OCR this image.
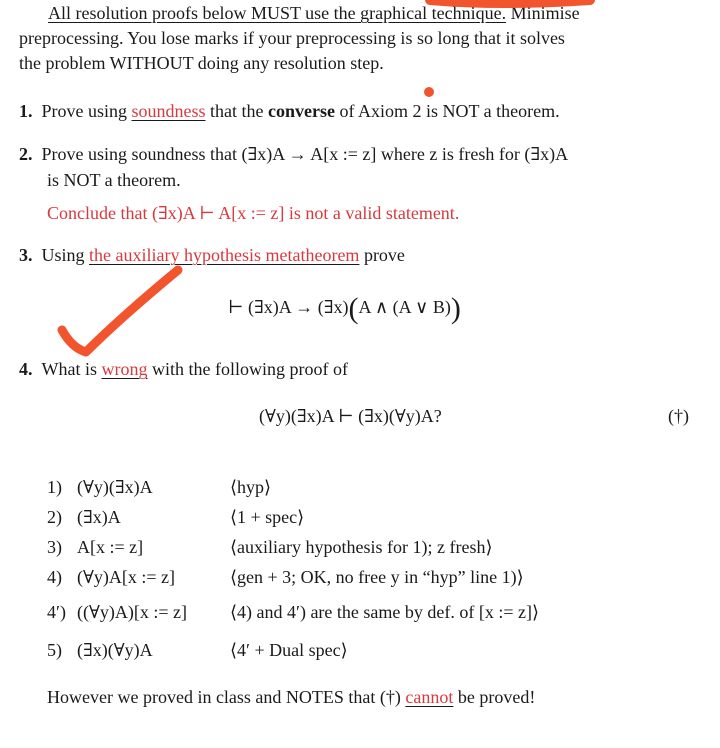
All resolution proofs below MUST use the graphical technique. Minimise
preprocessing. You lose marks if your preprocessing is so long that it solves
the problem WITHOUT doing any resolution step.
1. Prove using soundness that the converse of Axiom 2 is NOT a theorem.
2. Prove using soundness that (∃x)A → A[x := z] where z is fresh for (∃x)A
is NOT a theorem.
Conclude that (∃x)A ⊢ A[x := z] is not a valid statement.
3. Using the auxiliary hypothesis metatheorem prove
⊢ (∃x)A → (∃x)(A ∧ (A ∨ B))
4. What is wrong with the following proof of
(∀y)(∃x)A ⊢ (∃x)(∀y)A?	(†)
1) (∀y)(∃x)A	⟨hyp⟩
2) (∃x)A	⟨1 + spec⟩
3) A[x := z]	⟨auxiliary hypothesis for 1); z fresh⟩
4) (∀y)A[x := z]	⟨gen + 3; OK, no free y in “hyp” line 1)⟩
4′) ((∀y)A)[x := z] ⟨4) and 4′) are the same by def. of [x := z]⟩
5) (∃x)(∀y)A	⟨4′ + Dual spec⟩
However we proved in class and NOTES that (†) cannot be proved!
